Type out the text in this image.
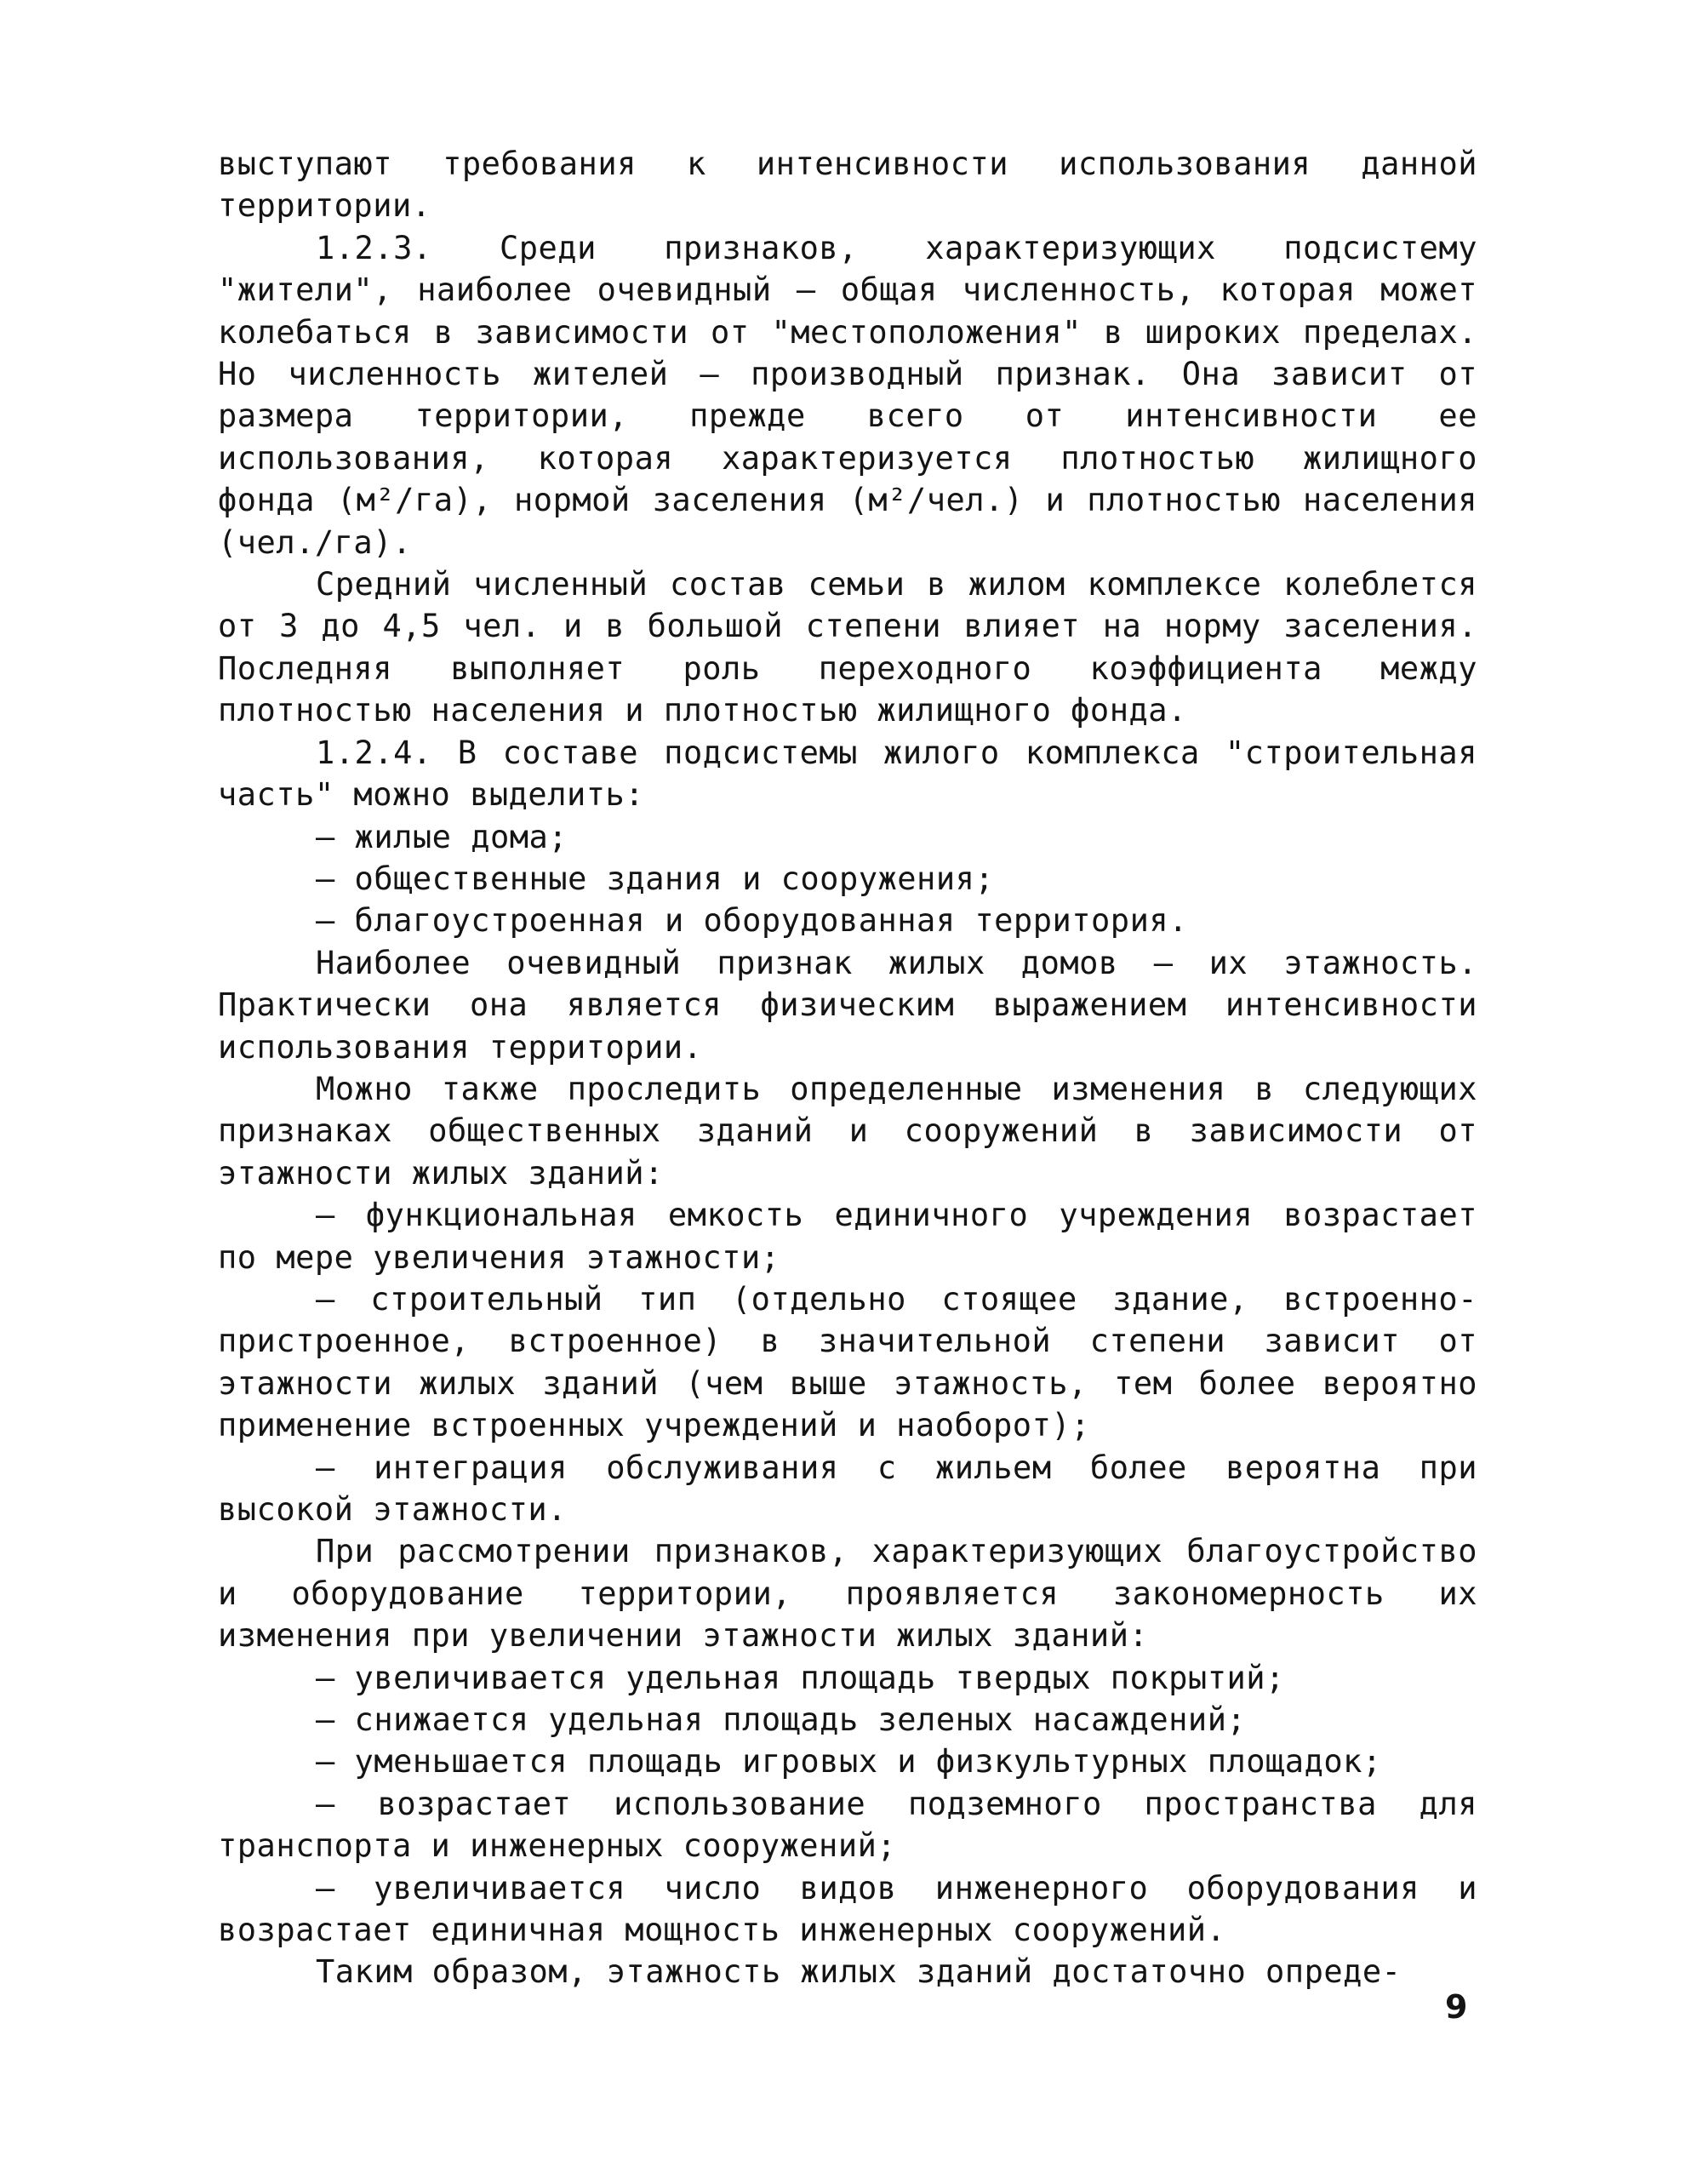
выступают требования к интенсивности использования данной территории.

1.2.3. Среди признаков, характеризующих подсистему "жители", наиболее очевидный – общая численность, которая может колебаться в зависимости от "местоположения" в широких пределах. Но численность жителей – производный признак. Она зависит от размера территории, прежде всего от интенсивности ее использования, которая характеризуется плотностью жилищного фонда (м²/га), нормой заселения (м²/чел.) и плотностью населения (чел./га).

Средний численный состав семьи в жилом комплексе колеблется от 3 до 4,5 чел. и в большой степени влияет на норму заселения. Последняя выполняет роль переходного коэффициента между плотностью населения и плотностью жилищного фонда.

1.2.4. В составе подсистемы жилого комплекса "строительная часть" можно выделить:

– жилые дома;

– общественные здания и сооружения;

– благоустроенная и оборудованная территория.

Наиболее очевидный признак жилых домов – их этажность. Практически она является физическим выражением интенсивности использования территории.

Можно также проследить определенные изменения в следующих признаках общественных зданий и сооружений в зависимости от этажности жилых зданий:

– функциональная емкость единичного учреждения возрастает по мере увеличения этажности;

– строительный тип (отдельно стоящее здание, встроенно-пристроенное, встроенное) в значительной степени зависит от этажности жилых зданий (чем выше этажность, тем более вероятно применение встроенных учреждений и наоборот);

– интеграция обслуживания с жильем более вероятна при высокой этажности.

При рассмотрении признаков, характеризующих благоустройство и оборудование территории, проявляется закономерность их изменения при увеличении этажности жилых зданий:

– увеличивается удельная площадь твердых покрытий;

– снижается удельная площадь зеленых насаждений;

– уменьшается площадь игровых и физкультурных площадок;

– возрастает использование подземного пространства для транспорта и инженерных сооружений;

– увеличивается число видов инженерного оборудования и возрастает единичная мощность инженерных сооружений.

Таким образом, этажность жилых зданий достаточно опреде-

9
